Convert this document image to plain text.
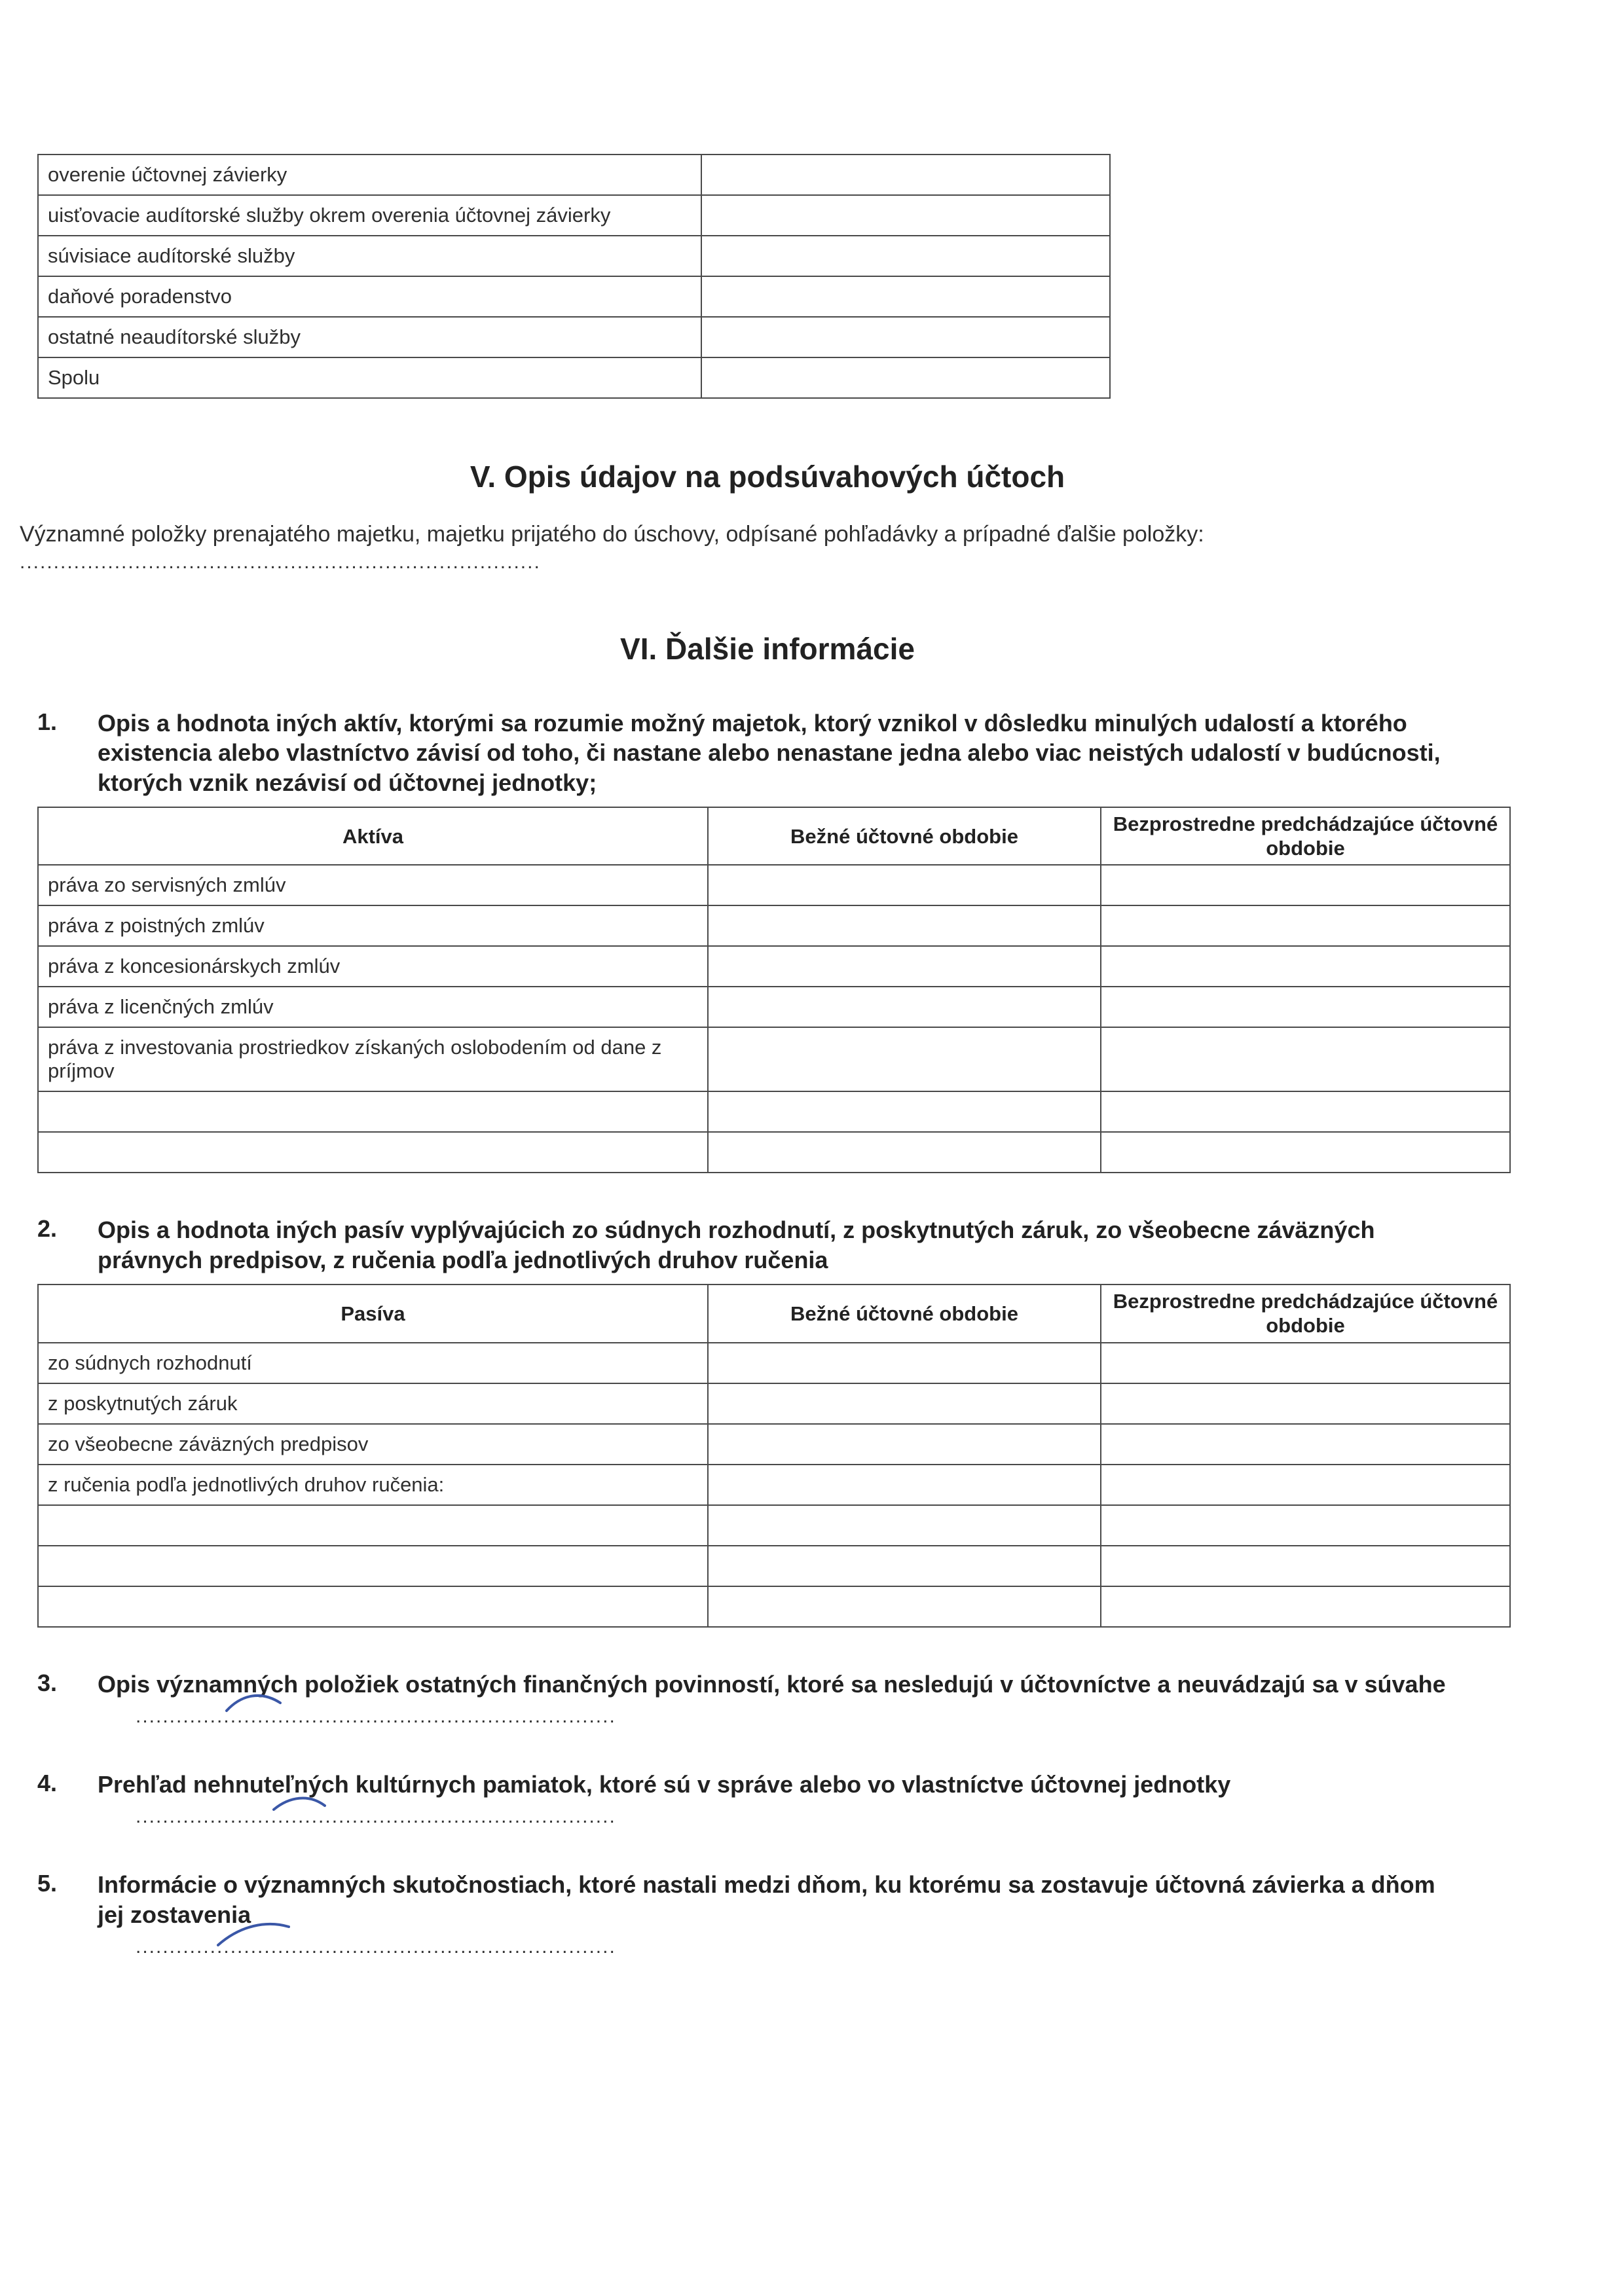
overenie účtovnej závierky	
uisťovacie audítorské služby okrem overenia účtovnej závierky	
súvisiace audítorské služby	
daňové poradenstvo	
ostatné neaudítorské služby	
Spolu	
V. Opis údajov na podsúvahových účtoch
Významné položky prenajatého majetku, majetku prijatého do úschovy, odpísané pohľadávky a prípadné ďalšie položky:
.............................................................................
VI. Ďalšie informácie
1.	Opis a hodnota iných aktív, ktorými sa rozumie možný majetok, ktorý vznikol v dôsledku minulých udalostí a ktorého existencia alebo vlastníctvo závisí od toho, či nastane alebo nenastane jedna alebo viac neistých udalostí v budúcnosti, ktorých vznik nezávisí od účtovnej jednotky;
Aktíva	Bežné účtovné obdobie	Bezprostredne predchádzajúce účtovné obdobie
práva zo servisných zmlúv		
práva z poistných zmlúv		
práva z koncesionárskych zmlúv		
práva z licenčných zmlúv		
práva z investovania prostriedkov získaných oslobodením od dane z príjmov		

2.	Opis a hodnota iných pasív vyplývajúcich zo súdnych rozhodnutí, z poskytnutých záruk, zo všeobecne záväzných právnych predpisov, z ručenia podľa jednotlivých druhov ručenia
Pasíva	Bežné účtovné obdobie	Bezprostredne predchádzajúce účtovné obdobie
zo súdnych rozhodnutí		
z poskytnutých záruk		
zo všeobecne záväzných predpisov		
z ručenia podľa jednotlivých druhov ručenia:		

3.	Opis významných položiek ostatných finančných povinností, ktoré sa nesledujú v účtovníctve a neuvádzajú sa v súvahe
.......................................................................
4.	Prehľad nehnuteľných kultúrnych pamiatok, ktoré sú v správe alebo vo vlastníctve účtovnej jednotky
.......................................................................
5.	Informácie o významných skutočnostiach, ktoré nastali medzi dňom, ku ktorému sa zostavuje účtovná závierka a dňom jej zostavenia
.......................................................................
